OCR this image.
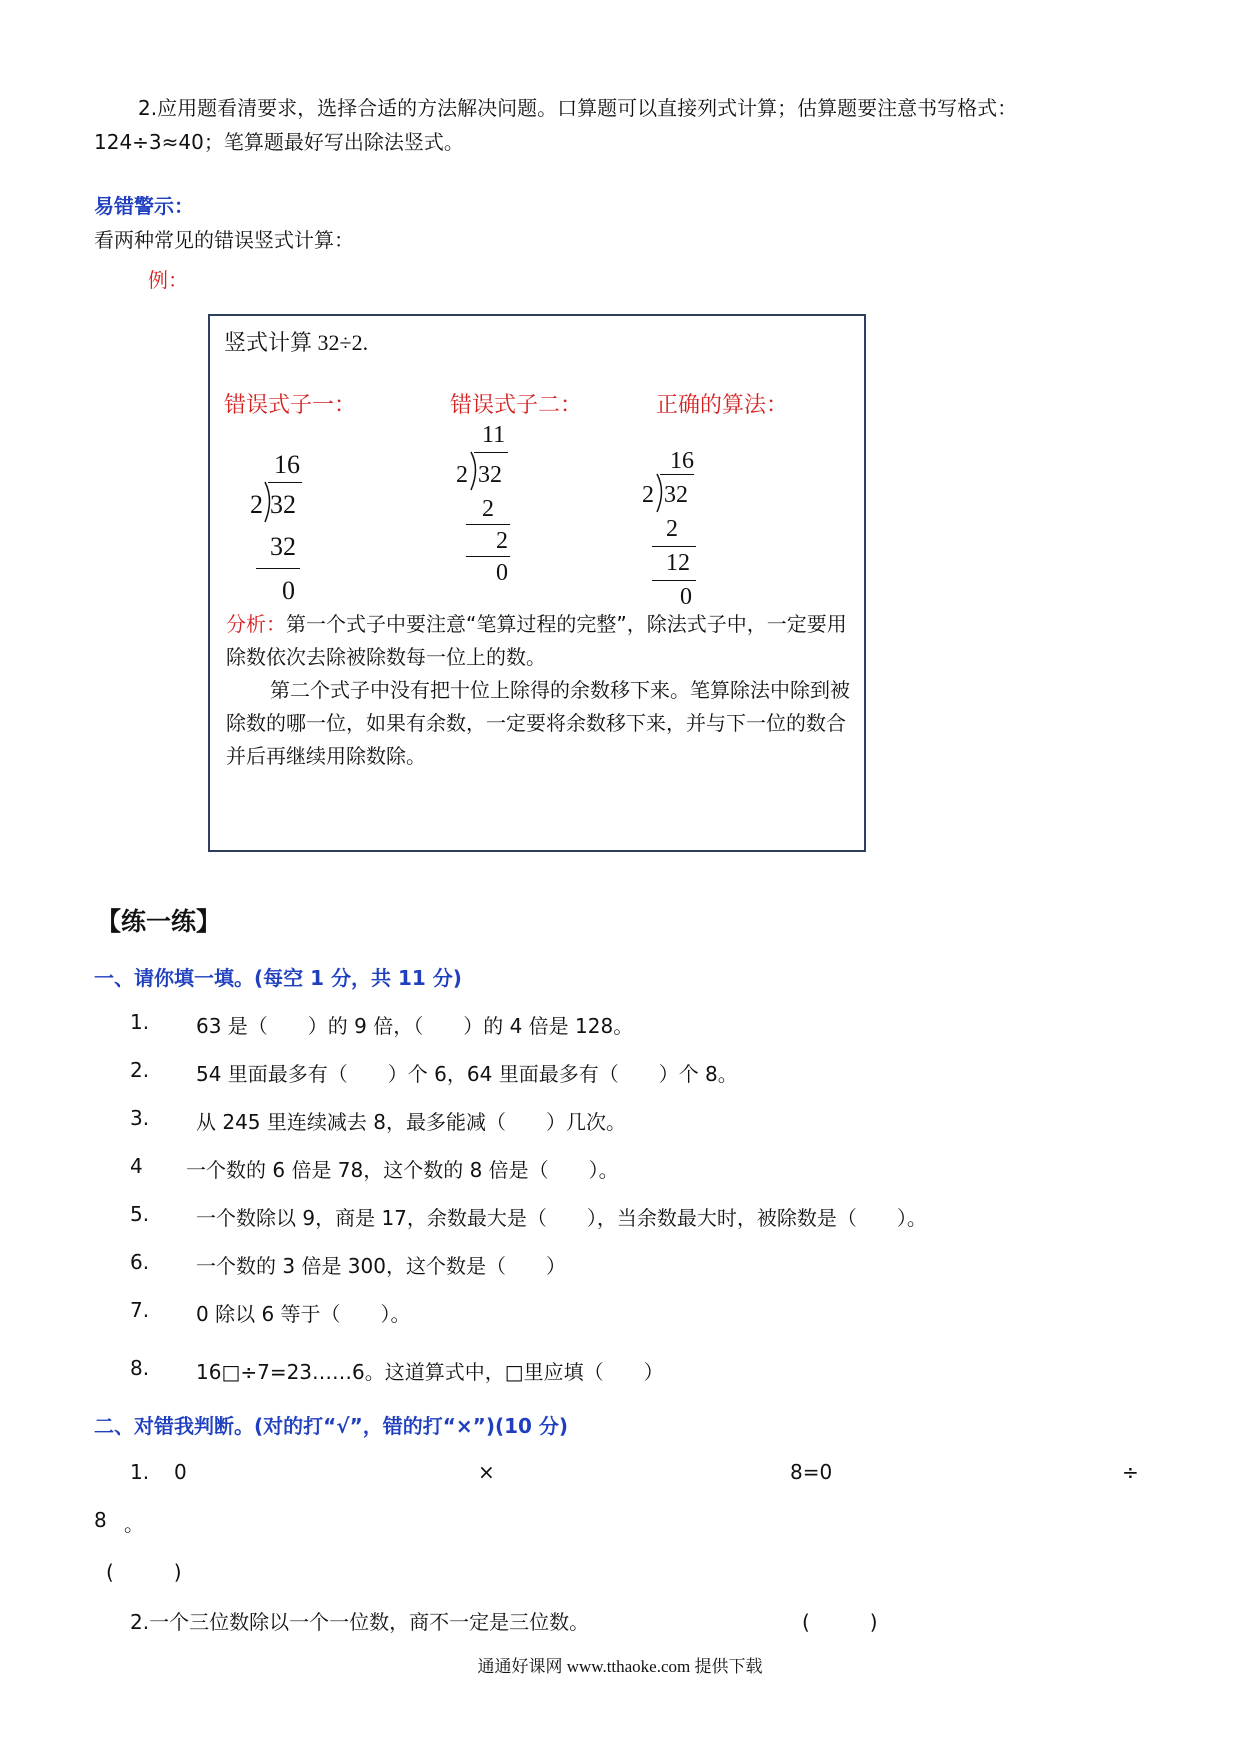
2.应用题看清要求，选择合适的方法解决问题。口算题可以直接列式计算；估算题要注意书写格式：
124÷3≈40；笔算题最好写出除法竖式。
易错警示：
看两种常见的错误竖式计算：
例：
竖式计算 32÷2.
错误式子一：	错误式子二：	正确的算法：
16
2 32
32
0
11
2 32
2
2
0
16
2 32
2
12
0
分析：第一个式子中要注意“笔算过程的完整”，除法式子中，一定要用除数依次去除被除数每一位上的数。
第二个式子中没有把十位上除得的余数移下来。笔算除法中除到被除数的哪一位，如果有余数，一定要将余数移下来，并与下一位的数合并后再继续用除数除。
【练一练】
一、请你填一填。(每空 1 分，共 11 分)
1. 63 是（　　）的 9 倍，（　　）的 4 倍是 128。
2. 54 里面最多有（　　）个 6，64 里面最多有（　　）个 8。
3. 从 245 里连续减去 8，最多能减（　　）几次。
4 一个数的 6 倍是 78，这个数的 8 倍是（　　）。
5. 一个数除以 9，商是 17，余数最大是（　　），当余数最大时，被除数是（　　）。
6. 一个数的 3 倍是 300，这个数是（　　）
7. 0 除以 6 等于（　　）。
8. 16□÷7=23……6。这道算式中，□里应填（　　）
二、对错我判断。(对的打“√”，错的打“×”)(10 分)
1. 0	×	8=0	÷
8 。
(　　　)
2.一个三位数除以一个一位数，商不一定是三位数。	(　　　)
通通好课网 www.tthaoke.com 提供下载
